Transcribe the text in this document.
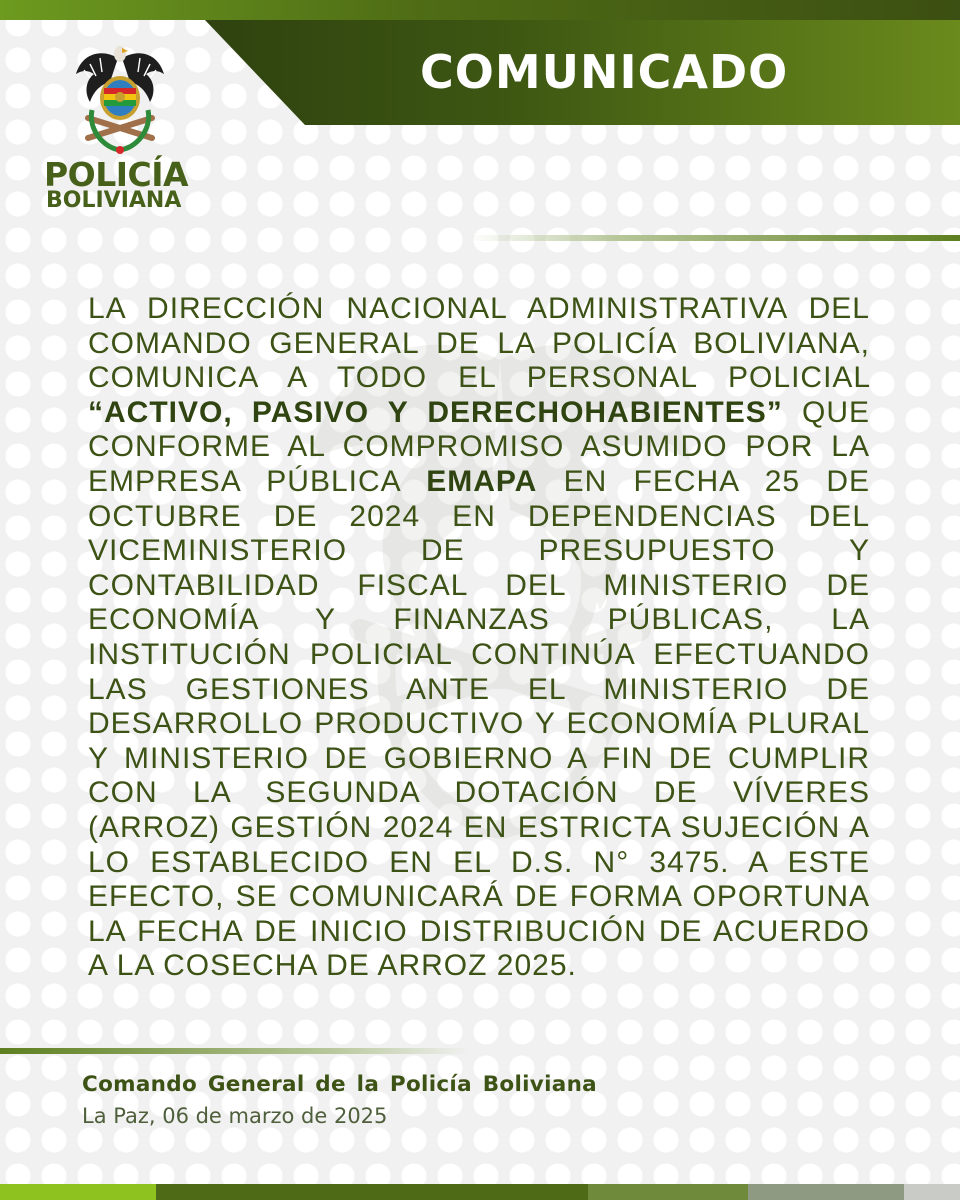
COMUNICADO
POLICÍA
BOLIVIANA
LA DIRECCIÓN NACIONAL ADMINISTRATIVA DEL COMANDO GENERAL DE LA POLICÍA BOLIVIANA, COMUNICA A TODO EL PERSONAL POLICIAL “ACTIVO, PASIVO Y DERECHOHABIENTES” QUE CONFORME AL COMPROMISO ASUMIDO POR LA EMPRESA PÚBLICA EMAPA EN FECHA 25 DE OCTUBRE DE 2024 EN DEPENDENCIAS DEL VICEMINISTERIO DE PRESUPUESTO Y CONTABILIDAD FISCAL DEL MINISTERIO DE ECONOMÍA Y FINANZAS PÚBLICAS, LA INSTITUCIÓN POLICIAL CONTINÚA EFECTUANDO LAS GESTIONES ANTE EL MINISTERIO DE DESARROLLO PRODUCTIVO Y ECONOMÍA PLURAL Y MINISTERIO DE GOBIERNO A FIN DE CUMPLIR CON LA SEGUNDA DOTACIÓN DE VÍVERES (ARROZ) GESTIÓN 2024 EN ESTRICTA SUJECIÓN A LO ESTABLECIDO EN EL D.S. N° 3475. A ESTE EFECTO, SE COMUNICARÁ DE FORMA OPORTUNA LA FECHA DE INICIO DISTRIBUCIÓN DE ACUERDO A LA COSECHA DE ARROZ 2025.
Comando General de la Policía Boliviana
La Paz, 06 de marzo de 2025
